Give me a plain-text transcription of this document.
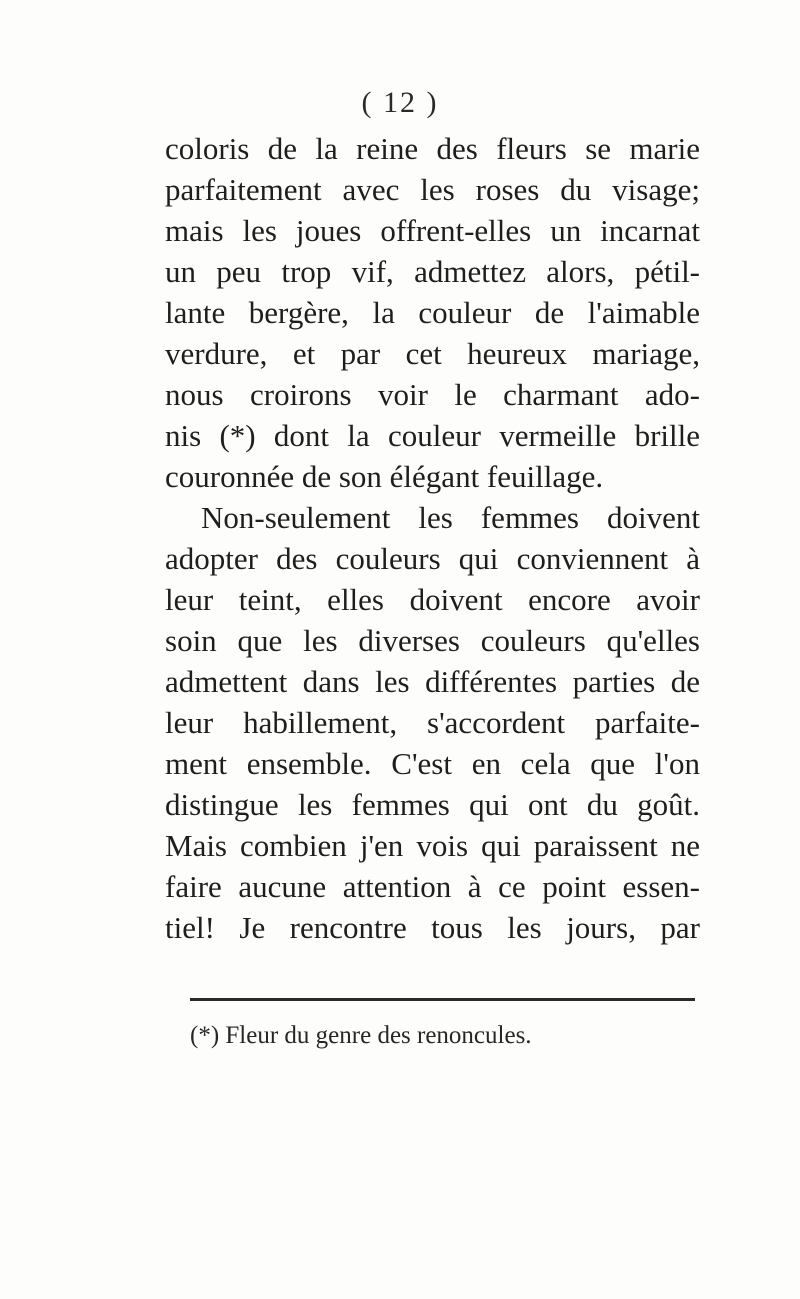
( 12 )
coloris de la reine des fleurs se marie
parfaitement avec les roses du visage;
mais les joues offrent-elles un incarnat
un peu trop vif, admettez alors, pétil-
lante bergère, la couleur de l'aimable
verdure, et par cet heureux mariage,
nous croirons voir le charmant ado-
nis (*) dont la couleur vermeille brille
couronnée de son élégant feuillage.
Non-seulement les femmes doivent
adopter des couleurs qui conviennent à
leur teint, elles doivent encore avoir
soin que les diverses couleurs qu'elles
admettent dans les différentes parties de
leur habillement, s'accordent parfaite-
ment ensemble. C'est en cela que l'on
distingue les femmes qui ont du goût.
Mais combien j'en vois qui paraissent ne
faire aucune attention à ce point essen-
tiel! Je rencontre tous les jours, par
(*) Fleur du genre des renoncules.
